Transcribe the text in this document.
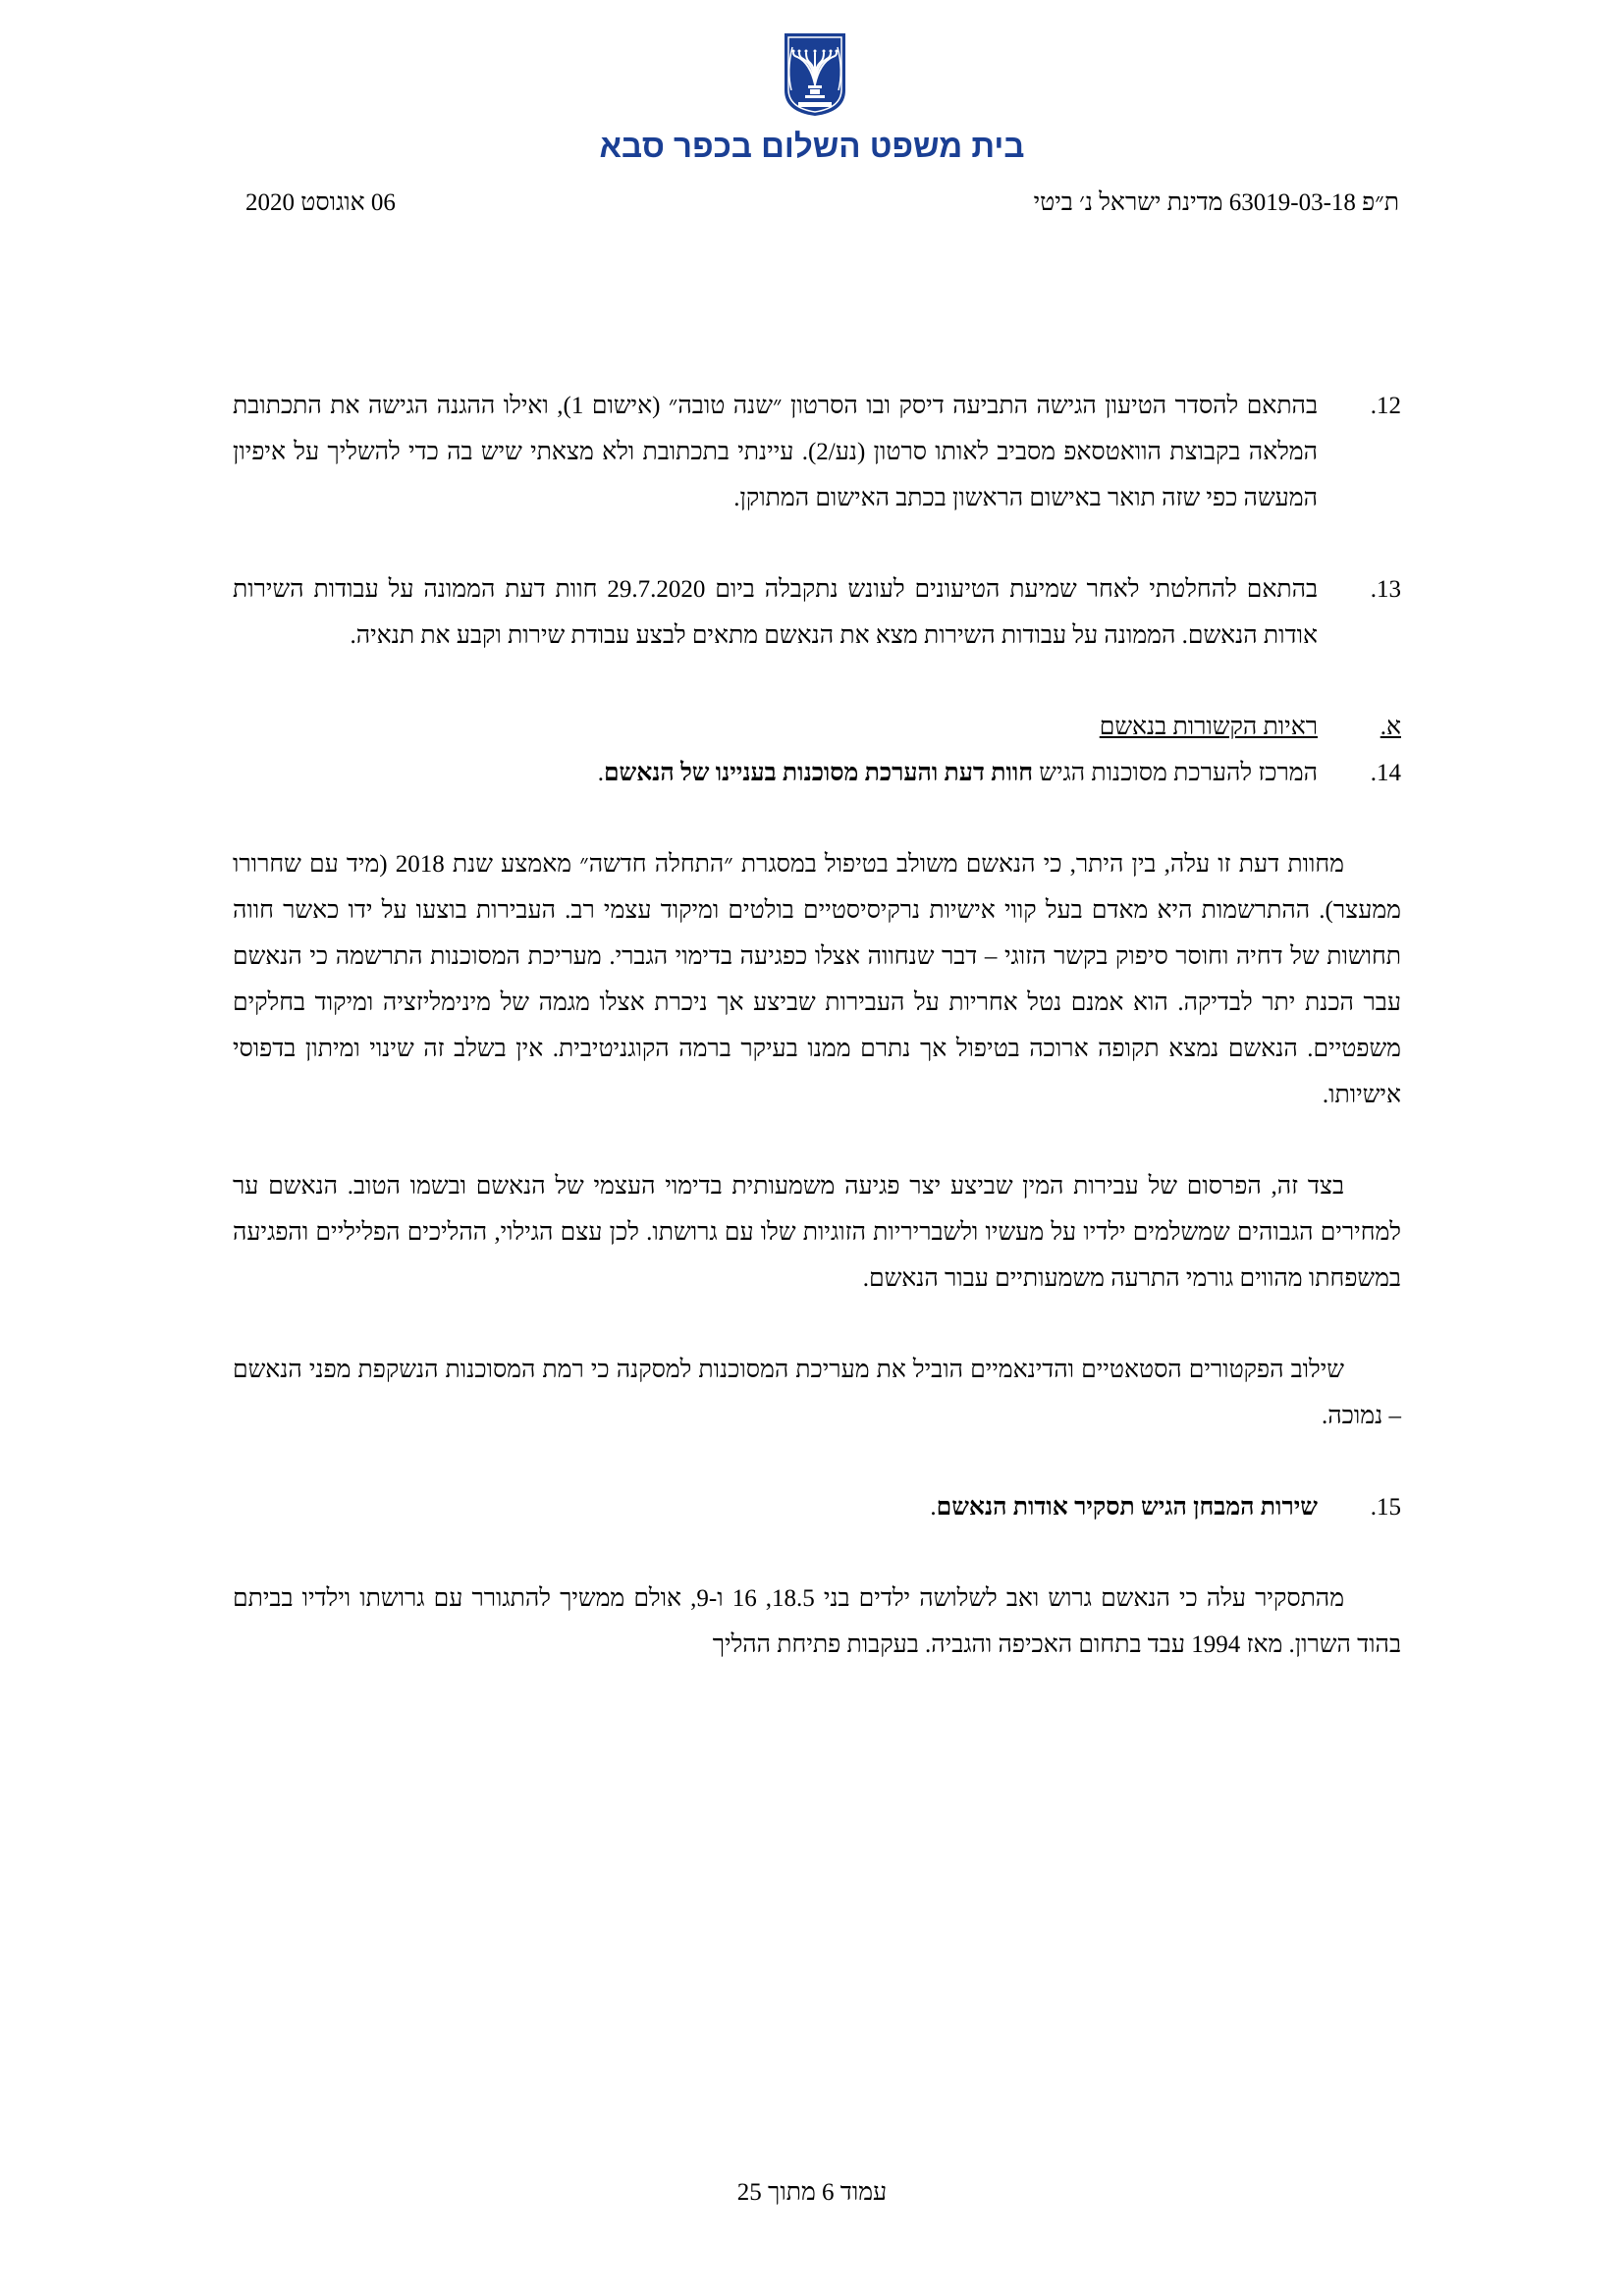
בית משפט השלום בכפר סבא
ת״פ 63019-03-18 מדינת ישראל נ׳ ביטי
06 אוגוסט 2020
12.
בהתאם להסדר הטיעון הגישה התביעה דיסק ובו הסרטון ״שנה טובה״ (אישום 1), ואילו ההגנה הגישה את התכתובת המלאה בקבוצת הוואטסאפ מסביב לאותו סרטון (נע/2). עיינתי בתכתובת ולא מצאתי שיש בה כדי להשליך על איפיון המעשה כפי שזה תואר באישום הראשון בכתב האישום המתוקן.
13.
בהתאם להחלטתי לאחר שמיעת הטיעונים לעונש נתקבלה ביום 29.7.2020 חוות דעת הממונה על עבודות השירות אודות הנאשם. הממונה על עבודות השירות מצא את הנאשם מתאים לבצע עבודת שירות וקבע את תנאיה.
א.
ראיות הקשורות בנאשם
14.
המרכז להערכת מסוכנות הגיש חוות דעת והערכת מסוכנות בעניינו של הנאשם.

מחוות דעת זו עלה, בין היתר, כי הנאשם משולב בטיפול במסגרת ״התחלה חדשה״ מאמצע שנת 2018 (מיד עם שחרורו ממעצר). ההתרשמות היא מאדם בעל קווי אישיות נרקיסיסטיים בולטים ומיקוד עצמי רב. העבירות בוצעו על ידו כאשר חווה תחושות של דחיה וחוסר סיפוק בקשר הזוגי – דבר שנחווה אצלו כפגיעה בדימוי הגברי. מעריכת המסוכנות התרשמה כי הנאשם עבר הכנת יתר לבדיקה. הוא אמנם נטל אחריות על העבירות שביצע אך ניכרת אצלו מגמה של מינימליזציה ומיקוד בחלקים משפטיים. הנאשם נמצא תקופה ארוכה בטיפול אך נתרם ממנו בעיקר ברמה הקוגניטיבית. אין בשלב זה שינוי ומיתון בדפוסי אישיותו.

בצד זה, הפרסום של עבירות המין שביצע יצר פגיעה משמעותית בדימוי העצמי של הנאשם ובשמו הטוב. הנאשם ער למחירים הגבוהים שמשלמים ילדיו על מעשיו ולשבריריות הזוגיות שלו עם גרושתו. לכן עצם הגילוי, ההליכים הפליליים והפגיעה במשפחתו מהווים גורמי התרעה משמעותיים עבור הנאשם.

שילוב הפקטורים הסטאטיים והדינאמיים הוביל את מעריכת המסוכנות למסקנה כי רמת המסוכנות הנשקפת מפני הנאשם – נמוכה.

15.
שירות המבחן הגיש תסקיר אודות הנאשם.

מהתסקיר עלה כי הנאשם גרוש ואב לשלושה ילדים בני 18.5, 16 ו-9, אולם ממשיך להתגורר עם גרושתו וילדיו בביתם בהוד השרון. מאז 1994 עבד בתחום האכיפה והגביה. בעקבות פתיחת ההליך

עמוד 6 מתוך 25
